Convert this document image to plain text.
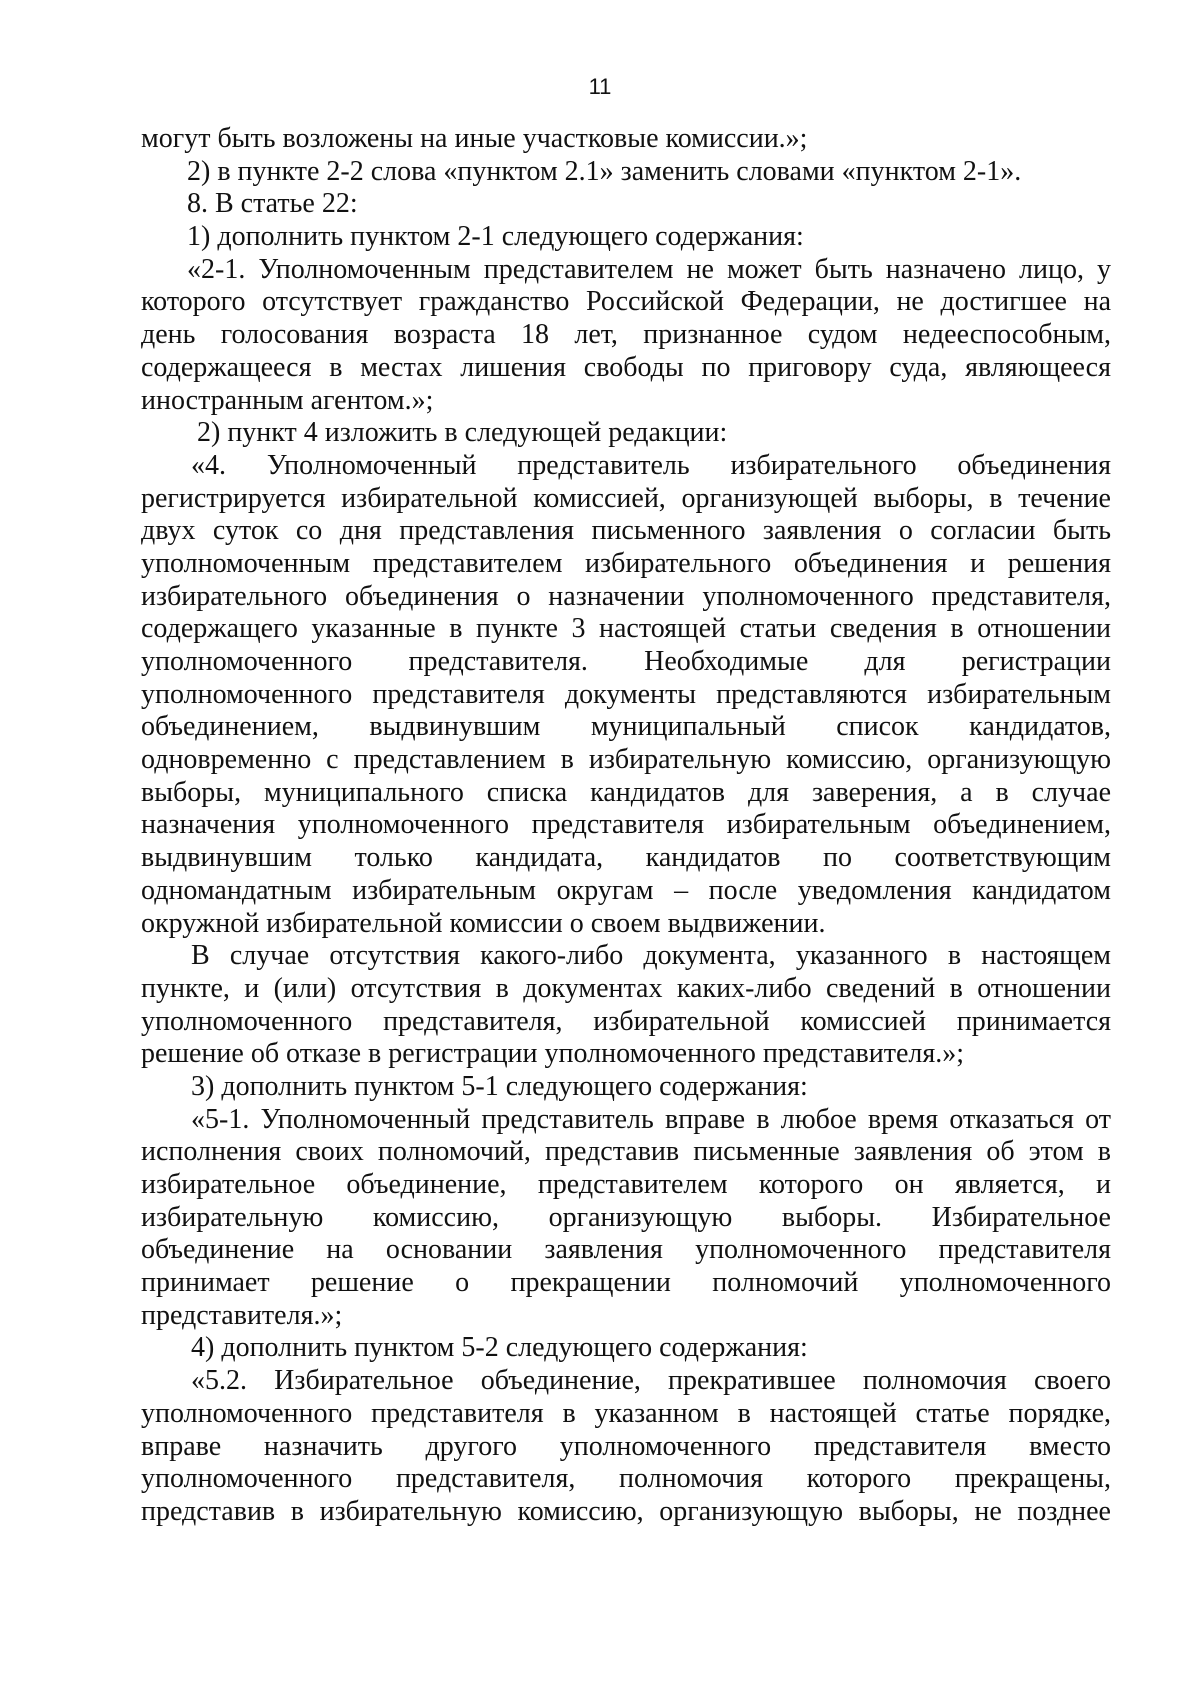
11
могут быть возложены на иные участковые комиссии.»;
2) в пункте 2-2 слова «пунктом 2.1» заменить словами «пунктом 2-1».
8. В статье 22:
1) дополнить пунктом 2-1 следующего содержания:
«2-1. Уполномоченным представителем не может быть назначено лицо, у
которого отсутствует гражданство Российской Федерации, не достигшее на
день голосования возраста 18 лет, признанное судом недееспособным,
содержащееся в местах лишения свободы по приговору суда, являющееся
иностранным агентом.»;
2) пункт 4 изложить в следующей редакции:
«4. Уполномоченный представитель избирательного объединения
регистрируется избирательной комиссией, организующей выборы, в течение
двух суток со дня представления письменного заявления о согласии быть
уполномоченным представителем избирательного объединения и решения
избирательного объединения о назначении уполномоченного представителя,
содержащего указанные в пункте 3 настоящей статьи сведения в отношении
уполномоченного представителя. Необходимые для регистрации
уполномоченного представителя документы представляются избирательным
объединением, выдвинувшим муниципальный список кандидатов,
одновременно с представлением в избирательную комиссию, организующую
выборы, муниципального списка кандидатов для заверения, а в случае
назначения уполномоченного представителя избирательным объединением,
выдвинувшим только кандидата, кандидатов по соответствующим
одномандатным избирательным округам – после уведомления кандидатом
окружной избирательной комиссии о своем выдвижении.
В случае отсутствия какого-либо документа, указанного в настоящем
пункте, и (или) отсутствия в документах каких-либо сведений в отношении
уполномоченного представителя, избирательной комиссией принимается
решение об отказе в регистрации уполномоченного представителя.»;
3) дополнить пунктом 5-1 следующего содержания:
«5-1. Уполномоченный представитель вправе в любое время отказаться от
исполнения своих полномочий, представив письменные заявления об этом в
избирательное объединение, представителем которого он является, и
избирательную комиссию, организующую выборы. Избирательное
объединение на основании заявления уполномоченного представителя
принимает решение о прекращении полномочий уполномоченного
представителя.»;
4) дополнить пунктом 5-2 следующего содержания:
«5.2. Избирательное объединение, прекратившее полномочия своего
уполномоченного представителя в указанном в настоящей статье порядке,
вправе назначить другого уполномоченного представителя вместо
уполномоченного представителя, полномочия которого прекращены,
представив в избирательную комиссию, организующую выборы, не позднее
